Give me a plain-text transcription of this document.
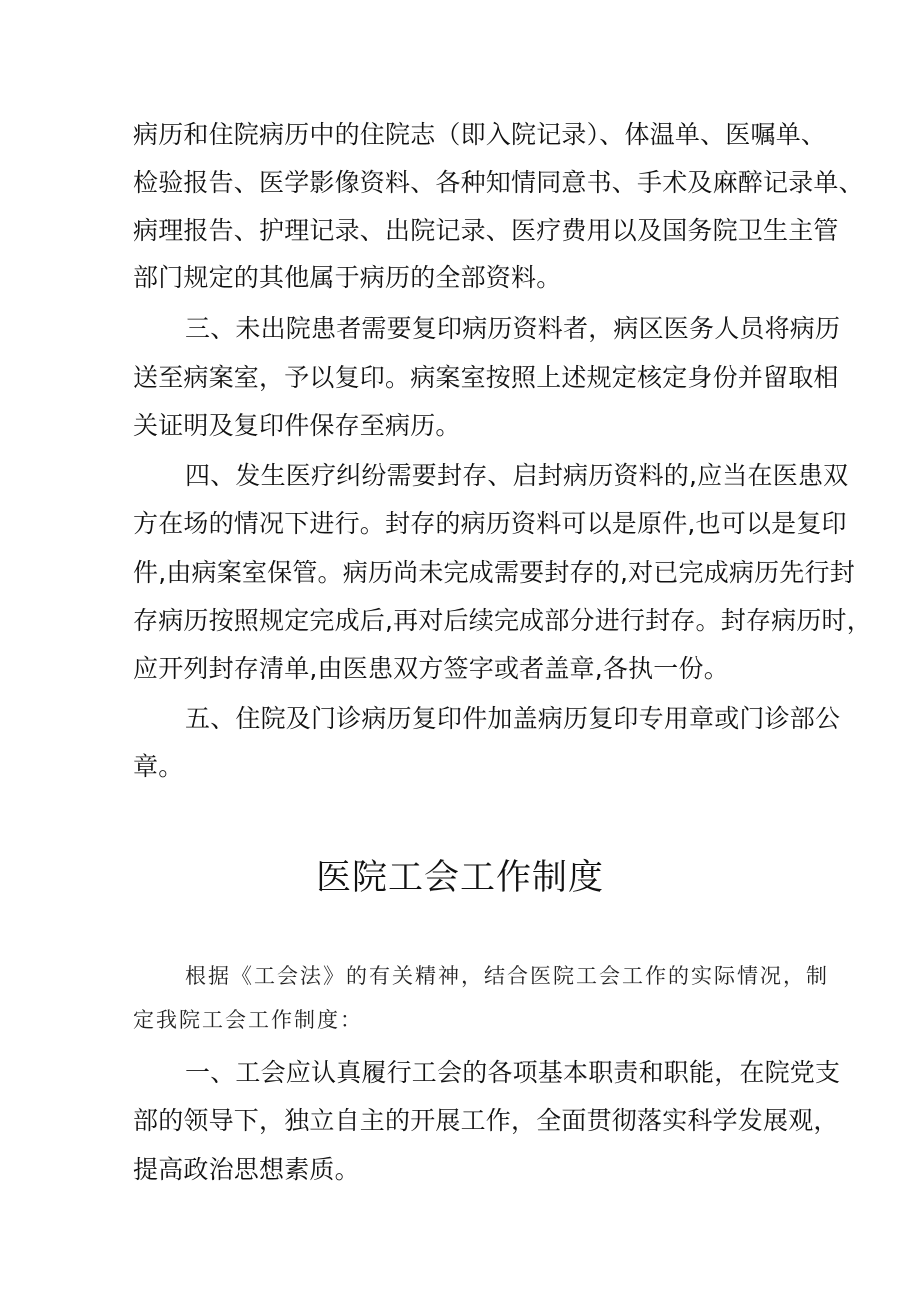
病历和住院病历中的住院志（即入院记录）、体温单、医嘱单、
检验报告、医学影像资料、各种知情同意书、手术及麻醉记录单、
病理报告、护理记录、出院记录、医疗费用以及国务院卫生主管
部门规定的其他属于病历的全部资料。
三、未出院患者需要复印病历资料者，病区医务人员将病历
送至病案室，予以复印。病案室按照上述规定核定身份并留取相
关证明及复印件保存至病历。
四、发生医疗纠纷需要封存、启封病历资料的,应当在医患双
方在场的情况下进行。封存的病历资料可以是原件,也可以是复印
件,由病案室保管。病历尚未完成需要封存的,对已完成病历先行封
存病历按照规定完成后,再对后续完成部分进行封存。封存病历时，
应开列封存清单,由医患双方签字或者盖章,各执一份。
五、住院及门诊病历复印件加盖病历复印专用章或门诊部公
章。
医院工会工作制度
根据《工会法》的有关精神，结合医院工会工作的实际情况，制
定我院工会工作制度：
一、工会应认真履行工会的各项基本职责和职能，在院党支
部的领导下，独立自主的开展工作，全面贯彻落实科学发展观，
提高政治思想素质。
